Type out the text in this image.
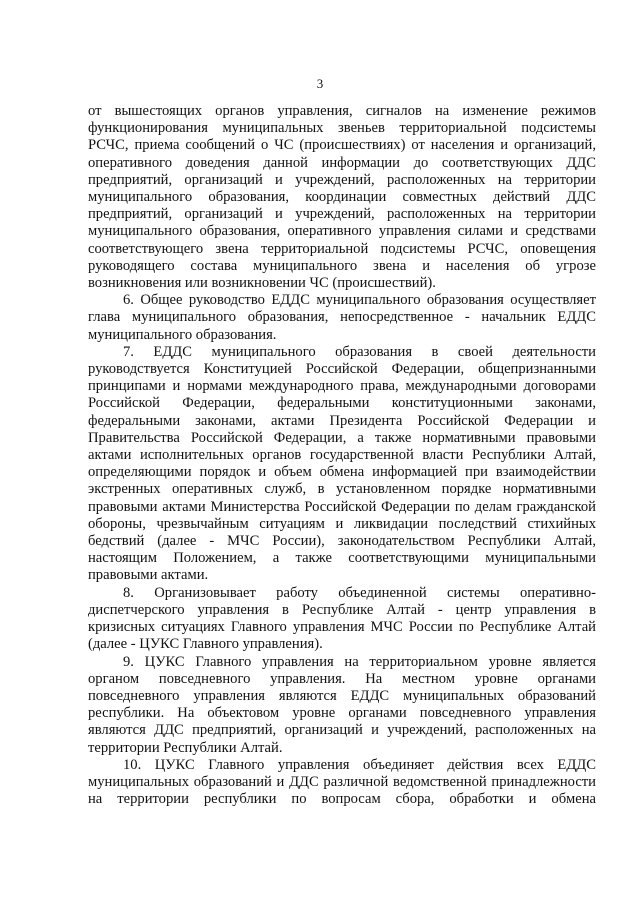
3
от вышестоящих органов управления, сигналов на изменение режимов
функционирования муниципальных звеньев территориальной подсистемы
РСЧС, приема сообщений о ЧС (происшествиях) от населения и организаций,
оперативного доведения данной информации до соответствующих ДДС
предприятий, организаций и учреждений, расположенных на территории
муниципального образования, координации совместных действий ДДС
предприятий, организаций и учреждений, расположенных на территории
муниципального образования, оперативного управления силами и средствами
соответствующего звена территориальной подсистемы РСЧС, оповещения
руководящего состава муниципального звена и населения об угрозе
возникновения или возникновении ЧС (происшествий).
6. Общее руководство ЕДДС муниципального образования осуществляет
глава муниципального образования, непосредственное - начальник ЕДДС
муниципального образования.
7. ЕДДС муниципального образования в своей деятельности
руководствуется Конституцией Российской Федерации, общепризнанными
принципами и нормами международного права, международными договорами
Российской Федерации, федеральными конституционными законами,
федеральными законами, актами Президента Российской Федерации и
Правительства Российской Федерации, а также нормативными правовыми
актами исполнительных органов государственной власти Республики Алтай,
определяющими порядок и объем обмена информацией при взаимодействии
экстренных оперативных служб, в установленном порядке нормативными
правовыми актами Министерства Российской Федерации по делам гражданской
обороны, чрезвычайным ситуациям и ликвидации последствий стихийных
бедствий (далее - МЧС России), законодательством Республики Алтай,
настоящим Положением, а также соответствующими муниципальными
правовыми актами.
8. Организовывает работу объединенной системы оперативно-
диспетчерского управления в Республике Алтай - центр управления в
кризисных ситуациях Главного управления МЧС России по Республике Алтай
(далее - ЦУКС Главного управления).
9. ЦУКС Главного управления на территориальном уровне является
органом повседневного управления. На местном уровне органами
повседневного управления являются ЕДДС муниципальных образований
республики. На объектовом уровне органами повседневного управления
являются ДДС предприятий, организаций и учреждений, расположенных на
территории Республики Алтай.
10. ЦУКС Главного управления объединяет действия всех ЕДДС
муниципальных образований и ДДС различной ведомственной принадлежности
на территории республики по вопросам сбора, обработки и обмена
